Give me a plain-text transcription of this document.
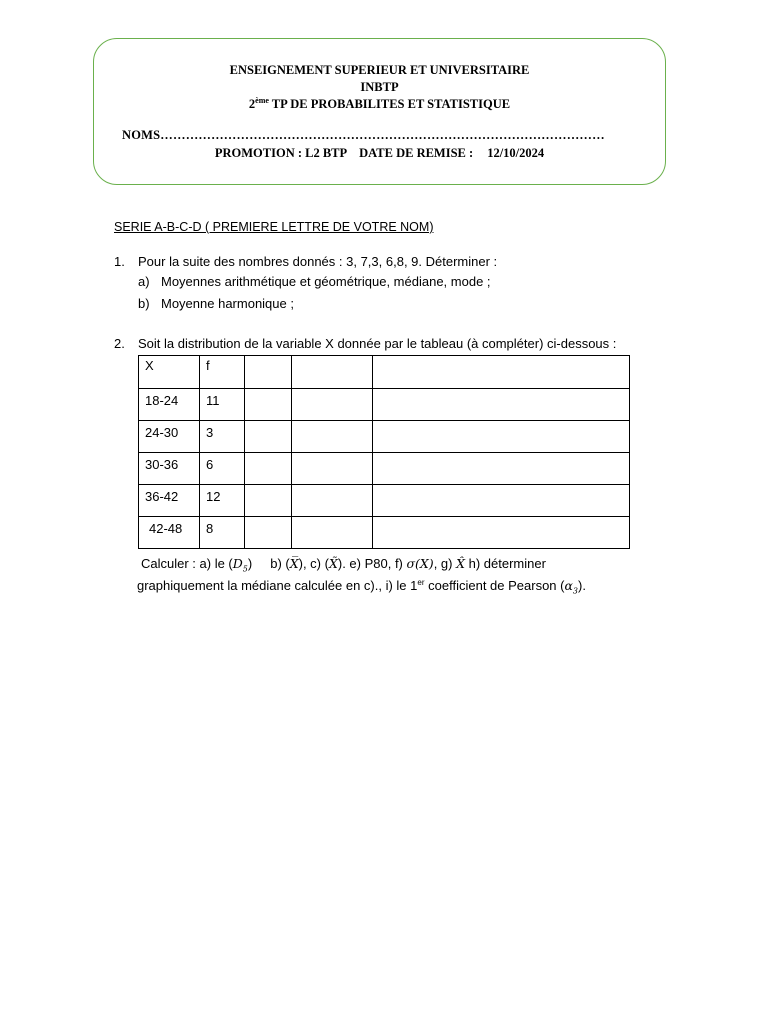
ENSEIGNEMENT SUPERIEUR ET UNIVERSITAIRE
INBTP
2ème TP DE PROBABILITES ET STATISTIQUE
NOMS……………………………………………………………………………………………
PROMOTION : L2 BTP DATE DE REMISE : 12/10/2024
SERIE A-B-C-D ( PREMIERE LETTRE DE VOTRE NOM)
1. Pour la suite des nombres donnés : 3, 7,3, 6,8, 9. Déterminer :
a) Moyennes arithmétique et géométrique, médiane, mode ;
b) Moyenne harmonique ;
2. Soit la distribution de la variable X donnée par le tableau (à compléter) ci-dessous :
X	f			
18-24	11			
24-30	3			
30-36	6			
36-42	12			
42-48	8			
Calculer : a) le $(D_5)$ b) (X̅), c) (X̃). e) P80, f) σ(X), g) X̂ h) déterminer
graphiquement la médiane calculée en c)., i) le 1er coefficient de Pearson $(\alpha_3)$.
